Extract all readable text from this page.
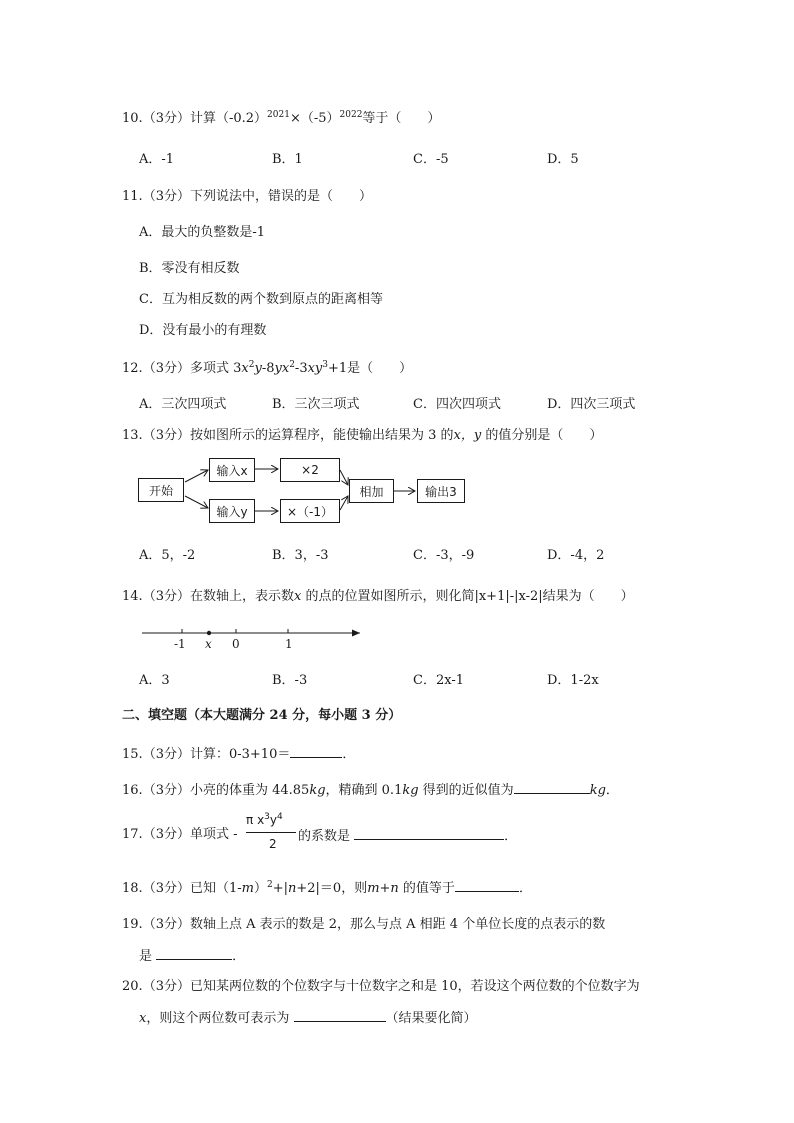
10.（3分）计算$(-0.2)^{2021}\times(-5)^{2022}$等于（　　）
A．-1	B．1	C．-5	D．5
11.（3分）下列说法中，错误的是（　　）
A．最大的负整数是-1
B．零没有相反数
C．互为相反数的两个数到原点的距离相等
D．没有最小的有理数
12.（3分）多项式 $3x^2y-8yx^2-3xy^3+1$是（　　）
A．三次四项式	B．三次三项式	C．四次四项式	D．四次三项式
13.（3分）按如图所示的运算程序，能使输出结果为 3 的x，y 的值分别是（　　）
开始
输入x	×2
输入y	×（-1）
相加	输出3
A．5，-2	B．3，-3	C．-3，-9	D．-4，2
14.（3分）在数轴上，表示数x 的点的位置如图所示，则化简|x+1|-|x-2|结果为（　　）
-1 x 0	1
A．3	B．-3	C．2x-1	D．1-2x
二、填空题（本大题满分 24 分，每小题 3 分）
15.（3分）计算：0-3+10＝	．
16.（3分）小亮的体重为 44.85kg，精确到 0.1kg 得到的近似值为	kg．
17.（3分）单项式 -
π $x^3y^4$
2 的系数是	．
18.（3分）已知$(1-m)^2+|n+2|=0$，则m+n 的值等于	．
19.（3分）数轴上点 A 表示的数是 2，那么与点 A 相距 4 个单位长度的点表示的数
是	．
20.（3分）已知某两位数的个位数字与十位数字之和是 10，若设这个两位数的个位数字为
x，则这个两位数可表示为	（结果要化简）
